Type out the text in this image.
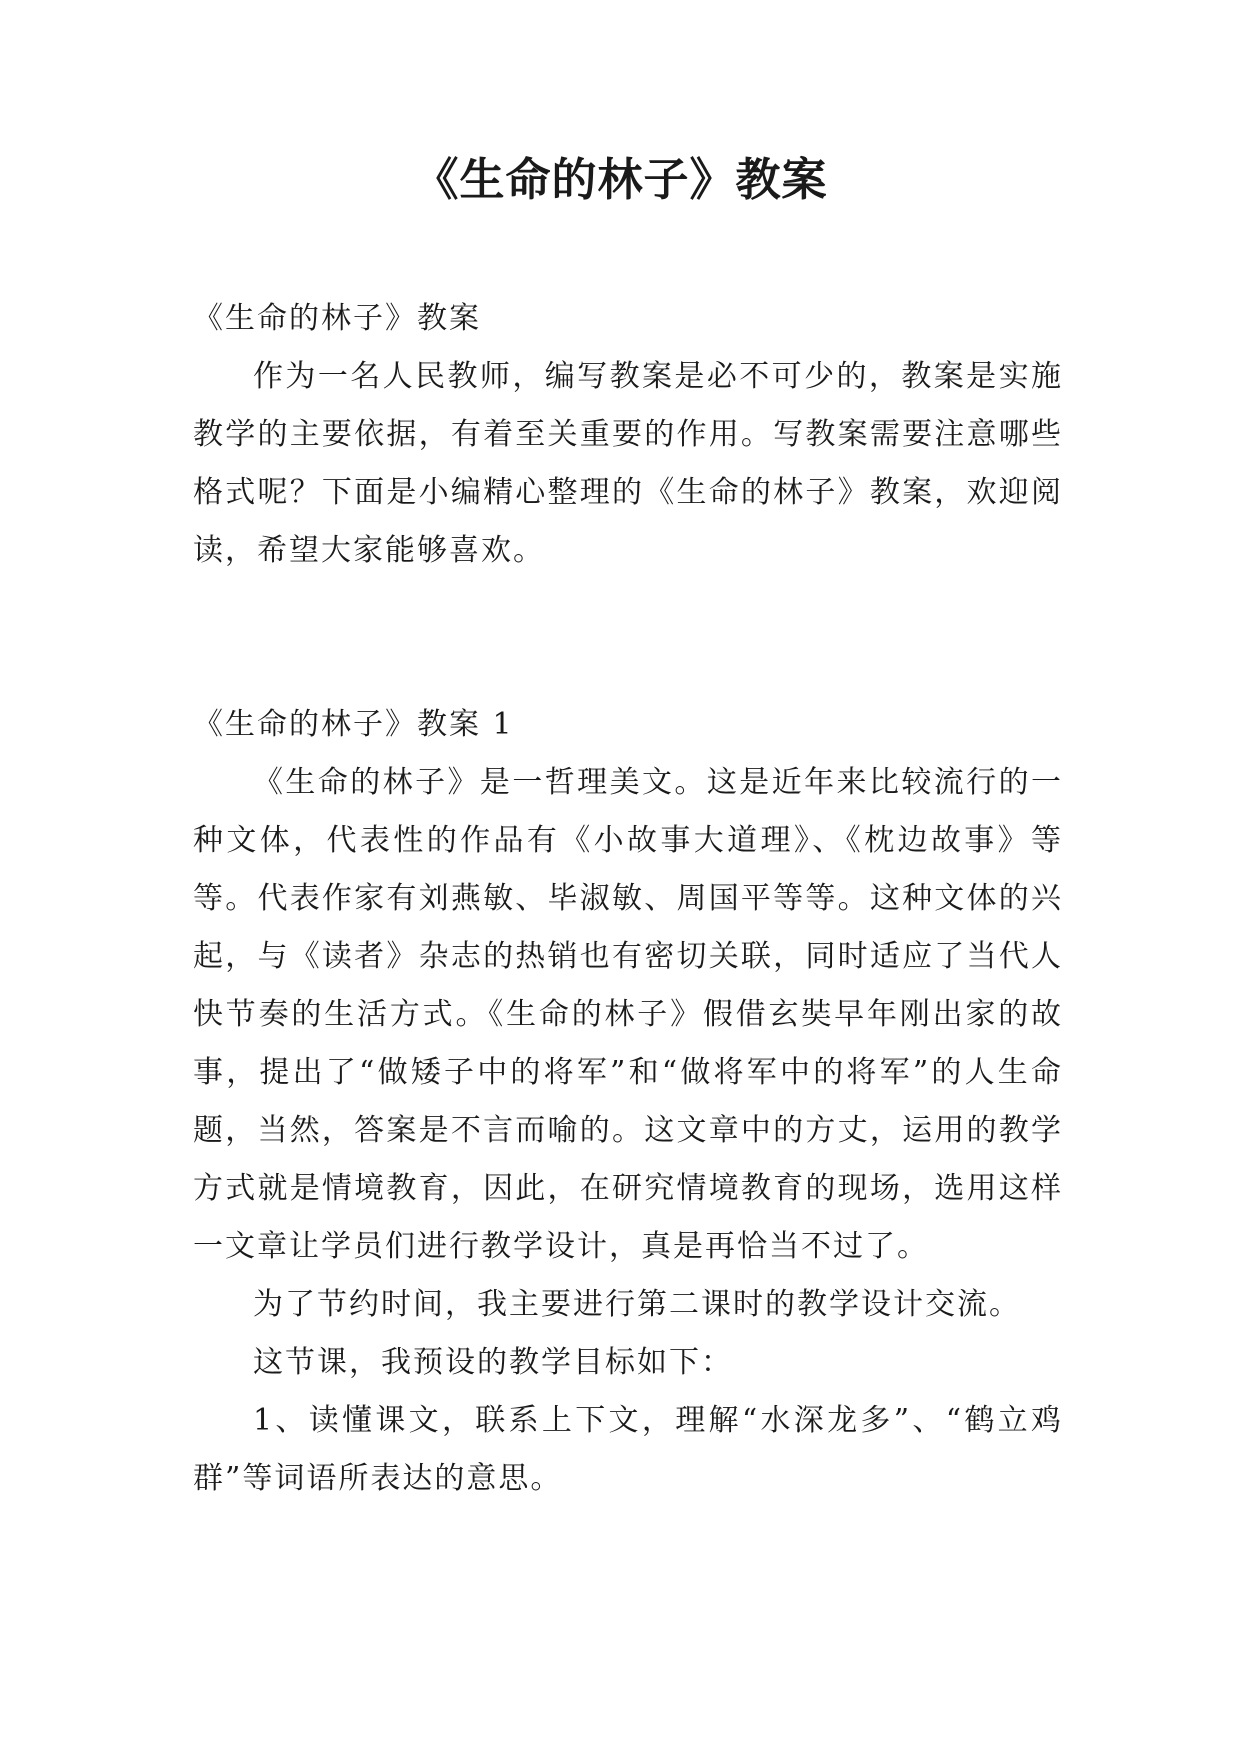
《生命的林子》教案

《生命的林子》教案

作为一名人民教师，编写教案是必不可少的，教案是实施教学的主要依据，有着至关重要的作用。写教案需要注意哪些格式呢？下面是小编精心整理的《生命的林子》教案，欢迎阅读，希望大家能够喜欢。

《生命的林子》教案 1

《生命的林子》是一哲理美文。这是近年来比较流行的一种文体，代表性的作品有《小故事大道理》、《枕边故事》等等。代表作家有刘燕敏、毕淑敏、周国平等等。这种文体的兴起，与《读者》杂志的热销也有密切关联，同时适应了当代人快节奏的生活方式。《生命的林子》假借玄奘早年刚出家的故事，提出了“做矮子中的将军”和“做将军中的将军”的人生命题，当然，答案是不言而喻的。这文章中的方丈，运用的教学方式就是情境教育，因此，在研究情境教育的现场，选用这样一文章让学员们进行教学设计，真是再恰当不过了。

为了节约时间，我主要进行第二课时的教学设计交流。

这节课，我预设的教学目标如下：

1、读懂课文，联系上下文，理解“水深龙多”、“鹤立鸡群”等词语所表达的意思。
